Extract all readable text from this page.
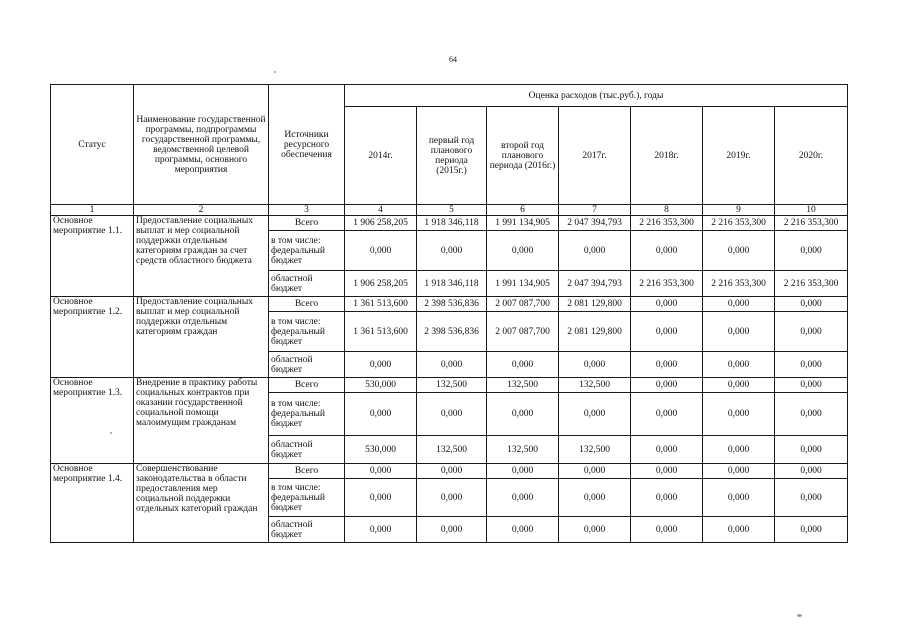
64
Статус	Наименование государственной программы, подпрограммы государственной программы, ведомственной целевой программы, основного мероприятия	Источники ресурсного обеспечения	Оценка расходов (тыс.руб.), годы						
			2014г.	первый год планового периода (2015г.)	второй год планового периода (2016г.)	2017г.	2018г.	2019г.	2020г.
1	2	3	4	5	6	7	8	9	10
Основное мероприятие 1.1.	Предоставление социальных выплат и мер социальной поддержки отдельным категориям граждан за счет средств областного бюджета	Всего	1 906 258,205	1 918 346,118	1 991 134,905	2 047 394,793	2 216 353,300	2 216 353,300	2 216 353,300
		в том числе: федеральный бюджет	0,000	0,000	0,000	0,000	0,000	0,000	0,000
		областной бюджет	1 906 258,205	1 918 346,118	1 991 134,905	2 047 394,793	2 216 353,300	2 216 353,300	2 216 353,300
Основное мероприятие 1.2.	Предоставление социальных выплат и мер социальной поддержки отдельным категориям граждан	Всего	1 361 513,600	2 398 536,836	2 007 087,700	2 081 129,800	0,000	0,000	0,000
		в том числе: федеральный бюджет	1 361 513,600	2 398 536,836	2 007 087,700	2 081 129,800	0,000	0,000	0,000
		областной бюджет	0,000	0,000	0,000	0,000	0,000	0,000	0,000
Основное мероприятие 1.3.	Внедрение в практику работы социальных контрактов при оказании государственной социальной помощи малоимущим гражданам	Всего	530,000	132,500	132,500	132,500	0,000	0,000	0,000
		в том числе: федеральный бюджет	0,000	0,000	0,000	0,000	0,000	0,000	0,000
		областной бюджет	530,000	132,500	132,500	132,500	0,000	0,000	0,000
Основное мероприятие 1.4.	Совершенствование законодательства в области предоставления мер социальной поддержки отдельных категорий граждан	Всего	0,000	0,000	0,000	0,000	0,000	0,000	0,000
		в том числе: федеральный бюджет	0,000	0,000	0,000	0,000	0,000	0,000	0,000
		областной бюджет	0,000	0,000	0,000	0,000	0,000	0,000	0,000
